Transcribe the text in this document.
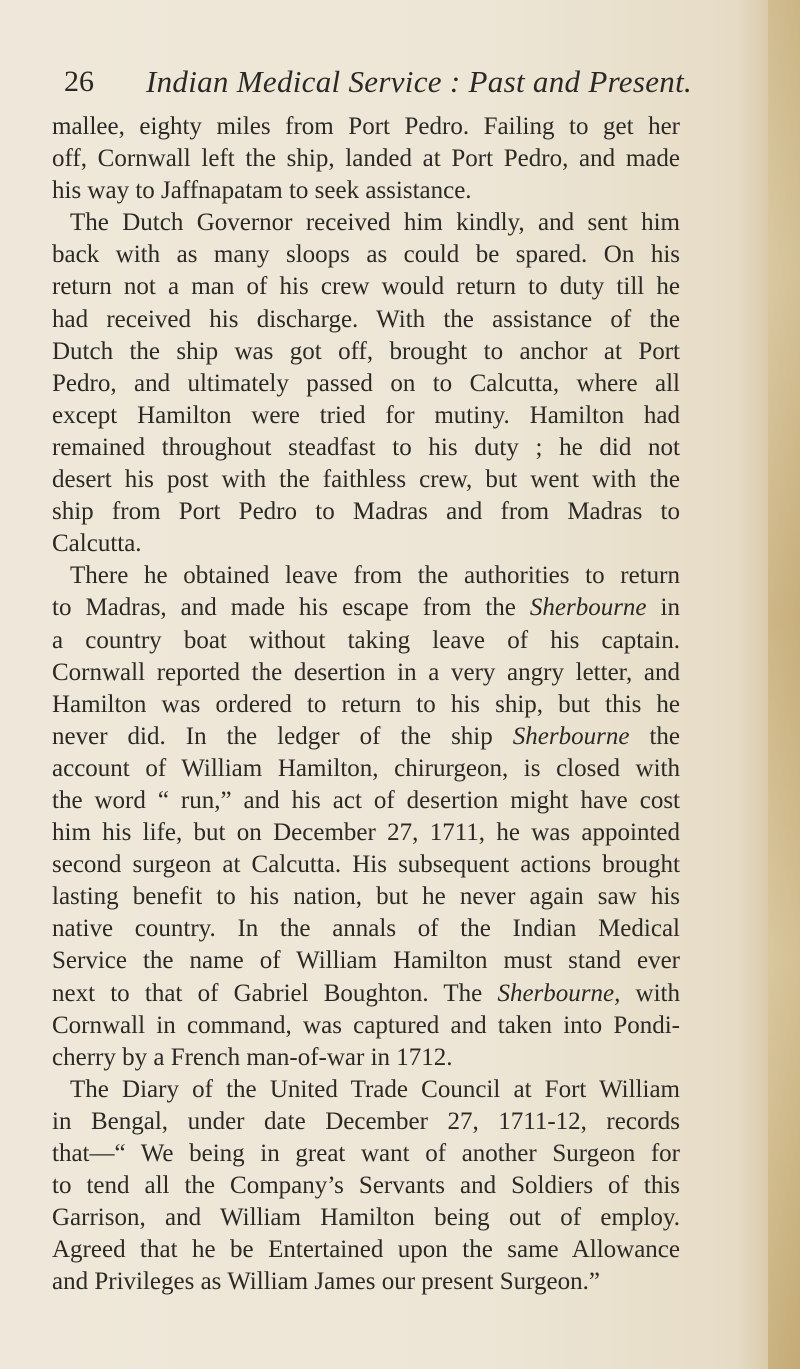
26 Indian Medical Service : Past and Present.
mallee, eighty miles from Port Pedro. Failing to get her
off, Cornwall left the ship, landed at Port Pedro, and made
his way to Jaffnapatam to seek assistance.
The Dutch Governor received him kindly, and sent him
back with as many sloops as could be spared. On his
return not a man of his crew would return to duty till he
had received his discharge. With the assistance of the
Dutch the ship was got off, brought to anchor at Port
Pedro, and ultimately passed on to Calcutta, where all
except Hamilton were tried for mutiny. Hamilton had
remained throughout steadfast to his duty ; he did not
desert his post with the faithless crew, but went with the
ship from Port Pedro to Madras and from Madras to
Calcutta.
There he obtained leave from the authorities to return
to Madras, and made his escape from the Sherbourne in
a country boat without taking leave of his captain.
Cornwall reported the desertion in a very angry letter, and
Hamilton was ordered to return to his ship, but this he
never did. In the ledger of the ship Sherbourne the
account of William Hamilton, chirurgeon, is closed with
the word “ run,” and his act of desertion might have cost
him his life, but on December 27, 1711, he was appointed
second surgeon at Calcutta. His subsequent actions brought
lasting benefit to his nation, but he never again saw his
native country. In the annals of the Indian Medical
Service the name of William Hamilton must stand ever
next to that of Gabriel Boughton. The Sherbourne, with
Cornwall in command, was captured and taken into Pondi-
cherry by a French man-of-war in 1712.
The Diary of the United Trade Council at Fort William
in Bengal, under date December 27, 1711-12, records
that—“ We being in great want of another Surgeon for
to tend all the Company’s Servants and Soldiers of this
Garrison, and William Hamilton being out of employ.
Agreed that he be Entertained upon the same Allowance
and Privileges as William James our present Surgeon.”
